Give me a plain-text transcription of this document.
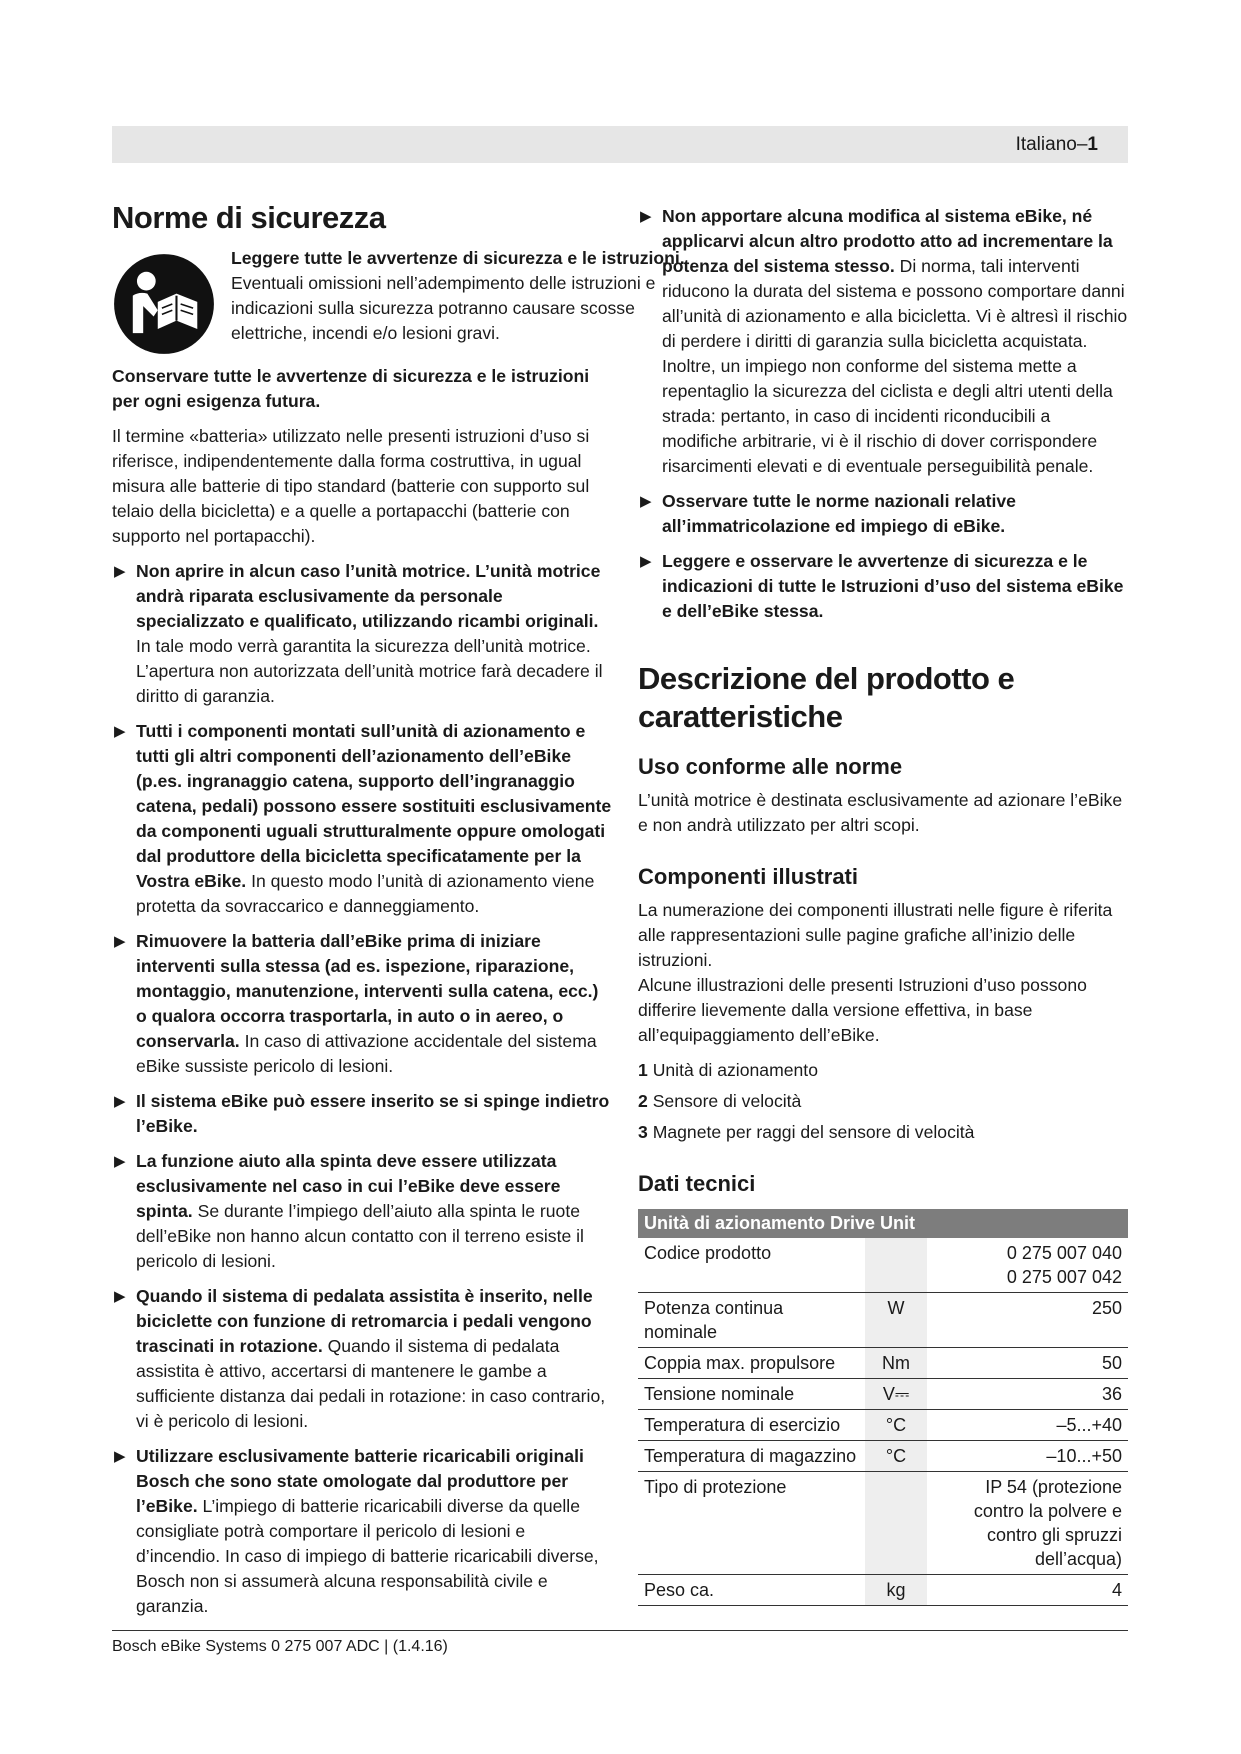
Italiano–1
Norme di sicurezza
Leggere tutte le avvertenze di sicurezza e le istruzioni. Eventuali omissioni nell’adempimento delle istruzioni e indicazioni sulla sicurezza potranno causare scosse elettriche, incendi e/o lesioni gravi.

Conservare tutte le avvertenze di sicurezza e le istruzioni per ogni esigenza futura.

Il termine «batteria» utilizzato nelle presenti istruzioni d’uso si riferisce, indipendentemente dalla forma costruttiva, in ugual misura alle batterie di tipo standard (batterie con supporto sul telaio della bicicletta) e a quelle a portapacchi (batterie con supporto nel portapacchi).

▶ Non aprire in alcun caso l’unità motrice. L’unità motrice andrà riparata esclusivamente da personale specializzato e qualificato, utilizzando ricambi originali. In tale modo verrà garantita la sicurezza dell’unità motrice. L’apertura non autorizzata dell’unità motrice farà decadere il diritto di garanzia.
▶ Tutti i componenti montati sull’unità di azionamento e tutti gli altri componenti dell’azionamento dell’eBike (p.es. ingranaggio catena, supporto dell’ingranaggio catena, pedali) possono essere sostituiti esclusivamente da componenti uguali strutturalmente oppure omologati dal produttore della bicicletta specificatamente per la Vostra eBike. In questo modo l’unità di azionamento viene protetta da sovraccarico e danneggiamento.
▶ Rimuovere la batteria dall’eBike prima di iniziare interventi sulla stessa (ad es. ispezione, riparazione, montaggio, manutenzione, interventi sulla catena, ecc.) o qualora occorra trasportarla, in auto o in aereo, o conservarla. In caso di attivazione accidentale del sistema eBike sussiste pericolo di lesioni.
▶ Il sistema eBike può essere inserito se si spinge indietro l’eBike.
▶ La funzione aiuto alla spinta deve essere utilizzata esclusivamente nel caso in cui l’eBike deve essere spinta. Se durante l’impiego dell’aiuto alla spinta le ruote dell’eBike non hanno alcun contatto con il terreno esiste il pericolo di lesioni.
▶ Quando il sistema di pedalata assistita è inserito, nelle biciclette con funzione di retromarcia i pedali vengono trascinati in rotazione. Quando il sistema di pedalata assistita è attivo, accertarsi di mantenere le gambe a sufficiente distanza dai pedali in rotazione: in caso contrario, vi è pericolo di lesioni.
▶ Utilizzare esclusivamente batterie ricaricabili originali Bosch che sono state omologate dal produttore per l’eBike. L’impiego di batterie ricaricabili diverse da quelle consigliate potrà comportare il pericolo di lesioni e d’incendio. In caso di impiego di batterie ricaricabili diverse, Bosch non si assumerà alcuna responsabilità civile e garanzia.
▶ Non apportare alcuna modifica al sistema eBike, né applicarvi alcun altro prodotto atto ad incrementare la potenza del sistema stesso. Di norma, tali interventi riducono la durata del sistema e possono comportare danni all’unità di azionamento e alla bicicletta. Vi è altresì il rischio di perdere i diritti di garanzia sulla bicicletta acquistata. Inoltre, un impiego non conforme del sistema mette a repentaglio la sicurezza del ciclista e degli altri utenti della strada: pertanto, in caso di incidenti riconducibili a modifiche arbitrarie, vi è il rischio di dover corrispondere risarcimenti elevati e di eventuale perseguibilità penale.
▶ Osservare tutte le norme nazionali relative all’immatricolazione ed impiego di eBike.
▶ Leggere e osservare le avvertenze di sicurezza e le indicazioni di tutte le Istruzioni d’uso del sistema eBike e dell’eBike stessa.
Descrizione del prodotto e caratteristiche
Uso conforme alle norme

L’unità motrice è destinata esclusivamente ad azionare l’eBike e non andrà utilizzato per altri scopi.

Componenti illustrati

La numerazione dei componenti illustrati nelle figure è riferita alle rappresentazioni sulle pagine grafiche all’inizio delle istruzioni.

Alcune illustrazioni delle presenti Istruzioni d’uso possono differire lievemente dalla versione effettiva, in base all’equipaggiamento dell’eBike.

1 Unità di azionamento
2 Sensore di velocità
3 Magnete per raggi del sensore di velocità
Dati tecnici
Unità di azionamento Drive Unit		
Codice prodotto		0 275 007 040
0 275 007 042
Potenza continua nominale	W	250
Coppia max. propulsore	Nm	50
Tensione nominale	V⎓	36
Temperatura di esercizio	°C	–5...+40
Temperatura di magazzino	°C	–10...+50
Tipo di protezione		IP 54 (protezione contro la polvere e contro gli spruzzi dell’acqua)
Peso ca.	kg	4
Bosch eBike Systems 0 275 007 ADC | (1.4.16)
